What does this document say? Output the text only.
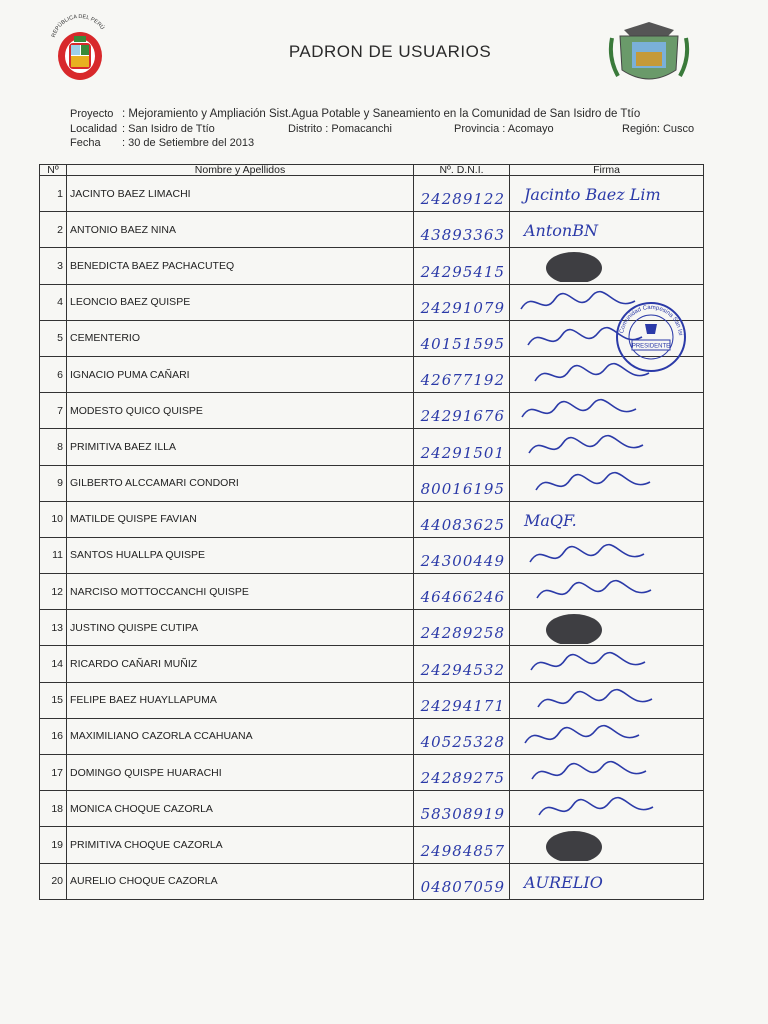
REPÚBLICA DEL PERÚ
PADRON DE USUARIOS
Proyecto : Mejoramiento y Ampliación Sist.Agua Potable y Saneamiento en la Comunidad de San Isidro de Ttío
Localidad : San Isidro de Ttío	Distrito : Pomacanchi	Provincia : Acomayo	Región: Cusco
Fecha : 30 de Setiembre del 2013
Nº	Nombre y Apellidos	Nº. D.N.I.	Firma
1	JACINTO BAEZ LIMACHI	24289122	Jacinto Baez Lim

2	ANTONIO BAEZ NINA	43893363	AntonBN

3	BENEDICTA BAEZ PACHACUTEQ	24295415

4	LEONCIO BAEZ QUISPE	24291079

5	CEMENTERIO	40151595

6	IGNACIO PUMA CAÑARI	42677192

7	MODESTO QUICO QUISPE	24291676

8	PRIMITIVA BAEZ ILLA	24291501

9	GILBERTO ALCCAMARI CONDORI	80016195

10	MATILDE QUISPE FAVIAN	44083625	MaQF.

11	SANTOS HUALLPA QUISPE	24300449

12	NARCISO MOTTOCCANCHI QUISPE	46466246

13	JUSTINO QUISPE CUTIPA	24289258

14	RICARDO CAÑARI MUÑIZ	24294532

15	FELIPE BAEZ HUAYLLAPUMA	24294171

16	MAXIMILIANO CAZORLA CCAHUANA	40525328

17	DOMINGO QUISPE HUARACHI	24289275

18	MONICA CHOQUE CAZORLA	58308919

19	PRIMITIVA CHOQUE CAZORLA	24984857

20	AURELIO CHOQUE CAZORLA	04807059	AURELIO
Comunidad Campesina San Isi
PRESIDENTE
